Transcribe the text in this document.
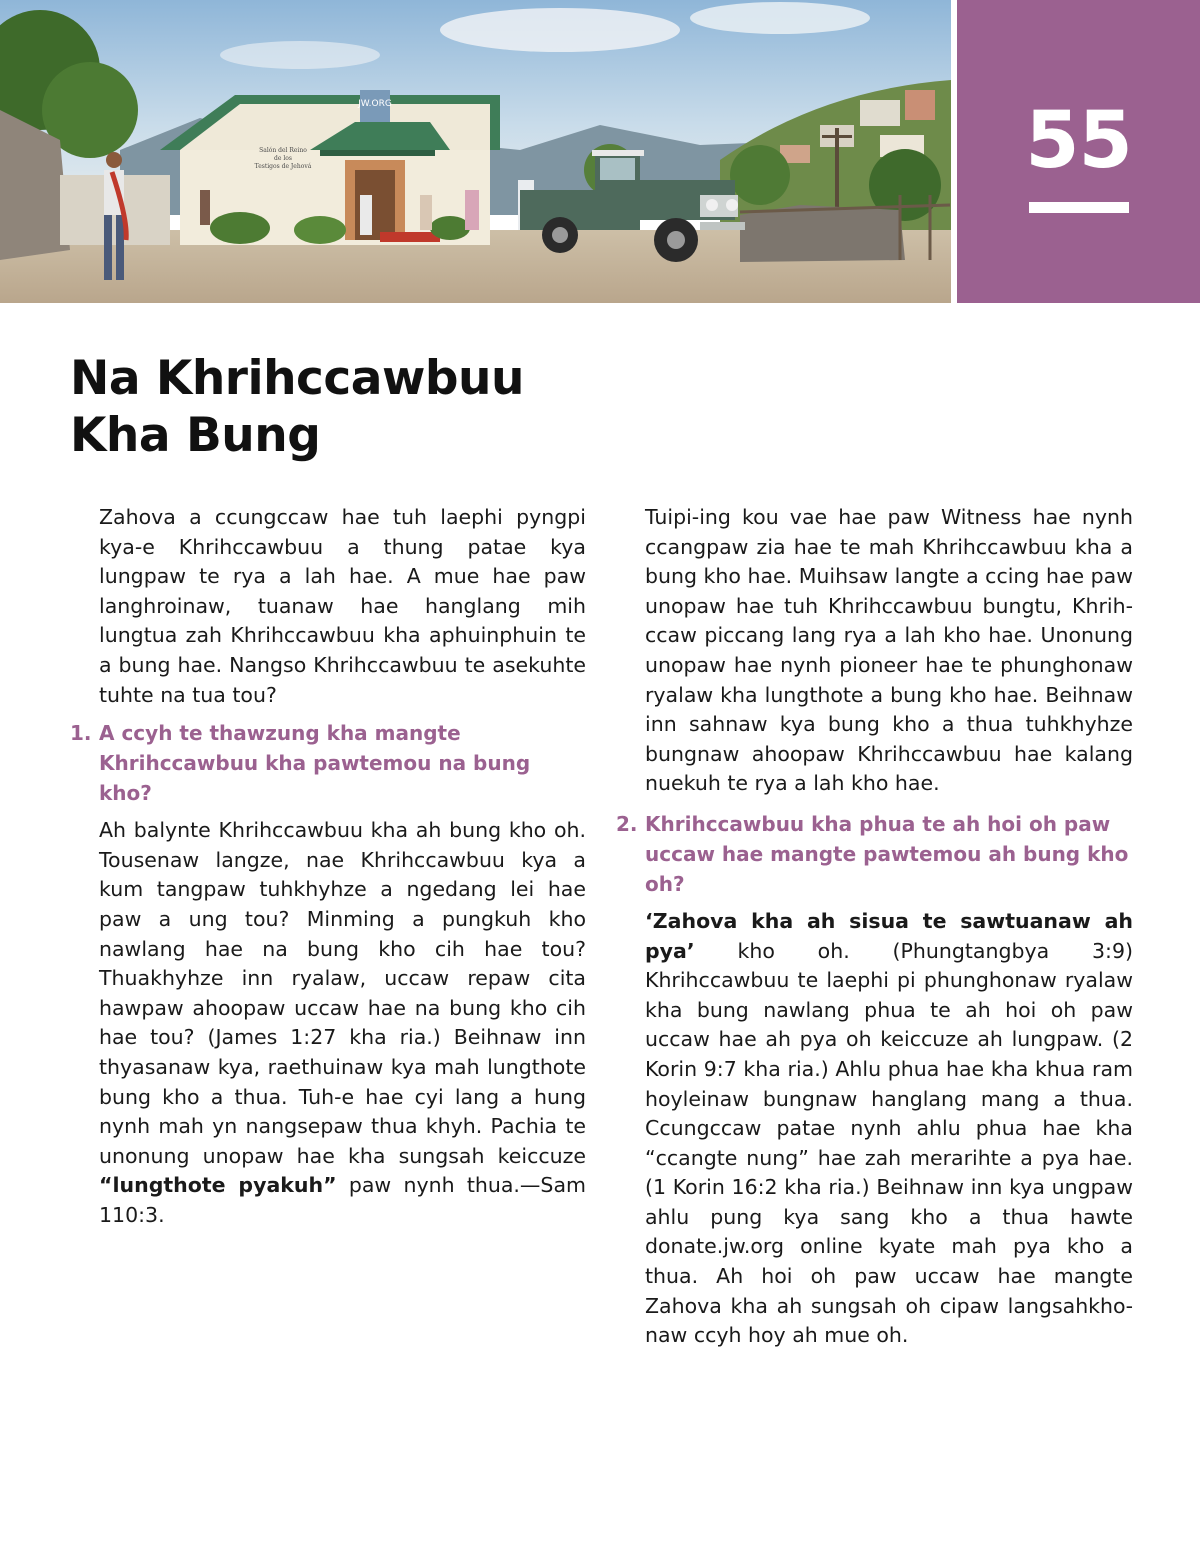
JW.ORG
Salón del Reino
de los
Testigos de Jehová	55
Na Khrihccawbuu
Kha Bung

Zahova a ccungccaw hae tuh laephi pyngpi kya-e Khrihccawbuu a thung patae kya lungpaw te rya a lah hae. A mue hae paw langhroinaw, tuanaw hae hanglang mih lungtua zah Khrihccawbuu kha aphuinphuin te a bung hae. Nangso Khrihccawbuu te asekuhte tuhte na tua tou?

1. A ccyh te thawzung kha mangte Khrihccawbuu kha pawtemou na bung kho?

Ah balynte Khrihccawbuu kha ah bung kho oh. Tousenaw langze, nae Khrihccawbuu kya a kum tangpaw tuhkhyhze a ngedang lei hae paw a ung tou? Minming a pungkuh kho nawlang hae na bung kho cih hae tou? Thuakhyhze inn ryalaw, uccaw repaw cita hawpaw ahoopaw uccaw hae na bung kho cih hae tou? (James 1:27 kha ria.) Beihnaw inn thyasanaw kya, raethuinaw kya mah lungthote bung kho a thua. Tuh-e hae cyi lang a hung nynh mah yn nangsepaw thua khyh. Pachia te unonung unopaw hae kha sungsah keiccuze “lungthote pyakuh” paw nynh thua.—Sam 110:3.

Tuipi-ing kou vae hae paw Witness hae nynh ccangpaw zia hae te mah Khrihccawbuu kha a bung kho hae. Muihsaw langte a ccing hae paw unopaw hae tuh Khrihccawbuu bungtu, Khrihccaw piccang lang rya a lah kho hae. Unonung unopaw hae nynh pioneer hae te phunghonaw ryalaw kha lungthote a bung kho hae. Beihnaw inn sahnaw kya bung kho a thua tuhkhyhze bungnaw ahoopaw Khrihccawbuu hae kalang nuekuh te rya a lah kho hae.

2. Khrihccawbuu kha phua te ah hoi oh paw uccaw hae mangte pawtemou ah bung kho oh?

‘Zahova kha ah sisua te sawtuanaw ah pya’ kho oh. (Phungtangbya 3:9) Khrihccawbuu te laephi pi phunghonaw ryalaw kha bung nawlang phua te ah hoi oh paw uccaw hae ah pya oh keiccuze ah lungpaw. (2 Korin 9:7 kha ria.) Ahlu phua hae kha khua ram hoyleinaw bungnaw hanglang mang a thua. Ccungccaw patae nynh ahlu phua hae kha “ccangte nung” hae zah merarihte a pya hae. (1 Korin 16:2 kha ria.) Beihnaw inn kya ungpaw ahlu pung kya sang kho a thua hawte donate.jw.org online kyate mah pya kho a thua. Ah hoi oh paw uccaw hae mangte Zahova kha ah sungsah oh cipaw langsahkhonaw ccyh hoy ah mue oh.
